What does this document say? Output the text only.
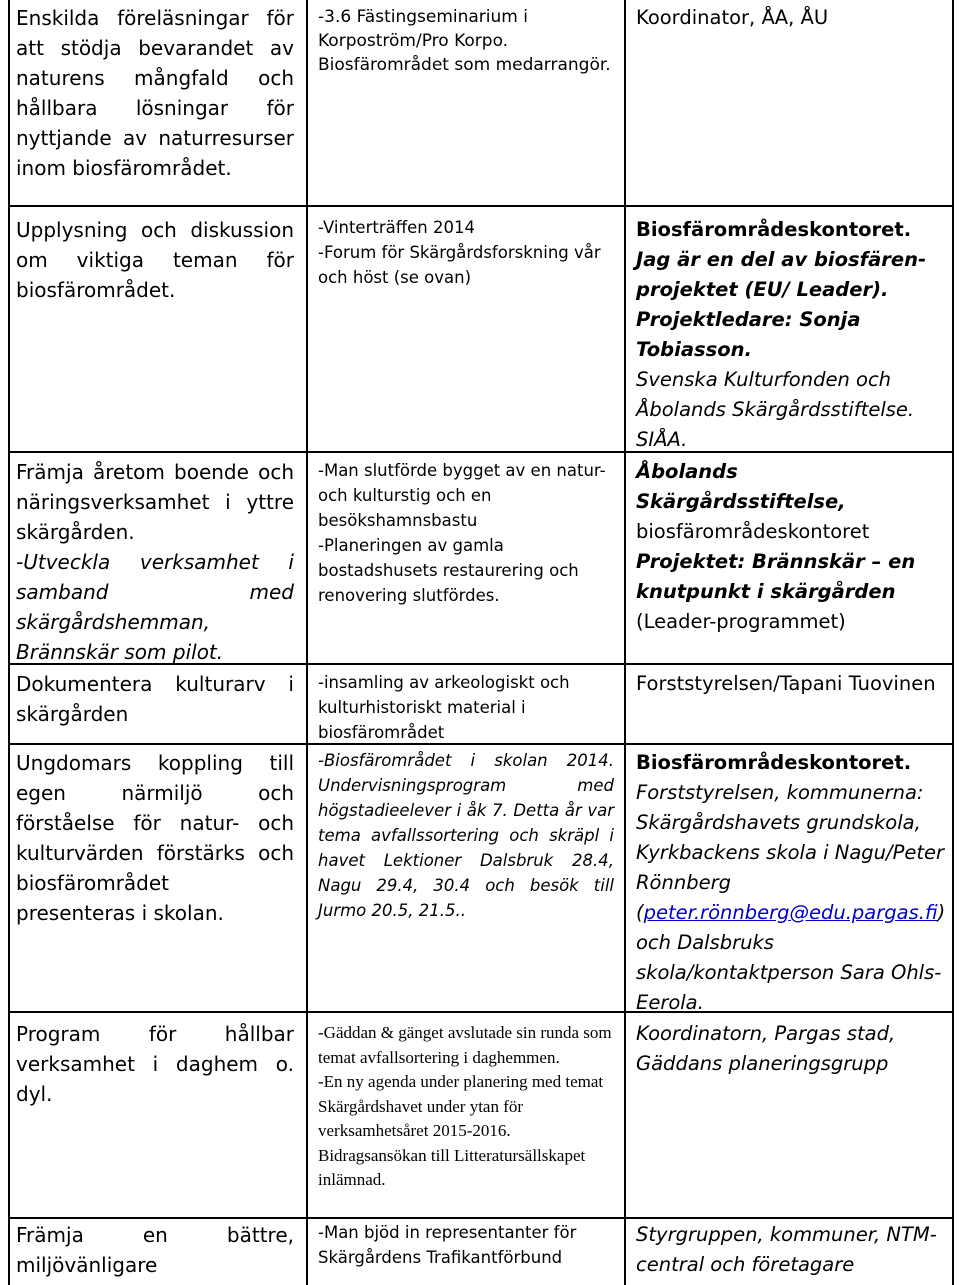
Enskilda föreläsningar för att stödja bevarandet av naturens mångfald och hållbara lösningar för nyttjande av naturresurser inom biosfärområdet.
-3.6 Fästingseminarium i Korpoström/Pro Korpo. Biosfärområdet som medarrangör.
Koordinator, ÅA, ÅU
Upplysning och diskussion om viktiga teman för biosfärområdet.
-Vinterträffen 2014
-Forum för Skärgårdsforskning vår och höst (se ovan)
Biosfärområdeskontoret.
Jag är en del av biosfären-projektet (EU/ Leader). Projektledare: Sonja Tobiasson.
Svenska Kulturfonden och Åbolands Skärgårdsstiftelse. SIÅA.
Främja åretom boende och näringsverksamhet i yttre skärgården.
-Utveckla verksamhet i samband med skärgårdshemman, Brännskär som pilot.
-Man slutförde bygget av en natur- och kulturstig och en besökshamnsbastu
-Planeringen av gamla bostadshusets restaurering och renovering slutfördes.
Åbolands Skärgårdsstiftelse,
biosfärområdeskontoret
Projektet: Brännskär – en knutpunkt i skärgården
(Leader-programmet)
Dokumentera kulturarv i skärgården
-insamling av arkeologiskt och kulturhistoriskt material i biosfärområdet
Forststyrelsen/Tapani Tuovinen
Ungdomars koppling till egen närmiljö och förståelse för natur- och kulturvärden förstärks och biosfärområdet presenteras i skolan.
-Biosfärområdet i skolan 2014. Undervisningsprogram med högstadieelever i åk 7. Detta år var tema avfallssortering och skräpl i havet Lektioner Dalsbruk 28.4, Nagu 29.4, 30.4 och besök till Jurmo 20.5, 21.5..
Biosfärområdeskontoret.
Forststyrelsen, kommunerna: Skärgårdshavets grundskola, Kyrkbackens skola i Nagu/Peter Rönnberg (peter.rönnberg@edu.pargas.fi) och Dalsbruks skola/kontaktperson Sara Ohls-Eerola.
Program för hållbar verksamhet i daghem o. dyl.
-Gäddan & gänget avslutade sin runda som temat avfallsortering i daghemmen.
-En ny agenda under planering med temat Skärgårdshavet under ytan för verksamhetsåret 2015-2016. Bidragsansökan till Litteratursällskapet inlämnad.
Koordinatorn, Pargas stad, Gäddans planeringsgrupp
Främja en bättre, miljövänligare
-Man bjöd in representanter för Skärgårdens Trafikantförbund
Styrgruppen, kommuner, NTM-central och företagare
